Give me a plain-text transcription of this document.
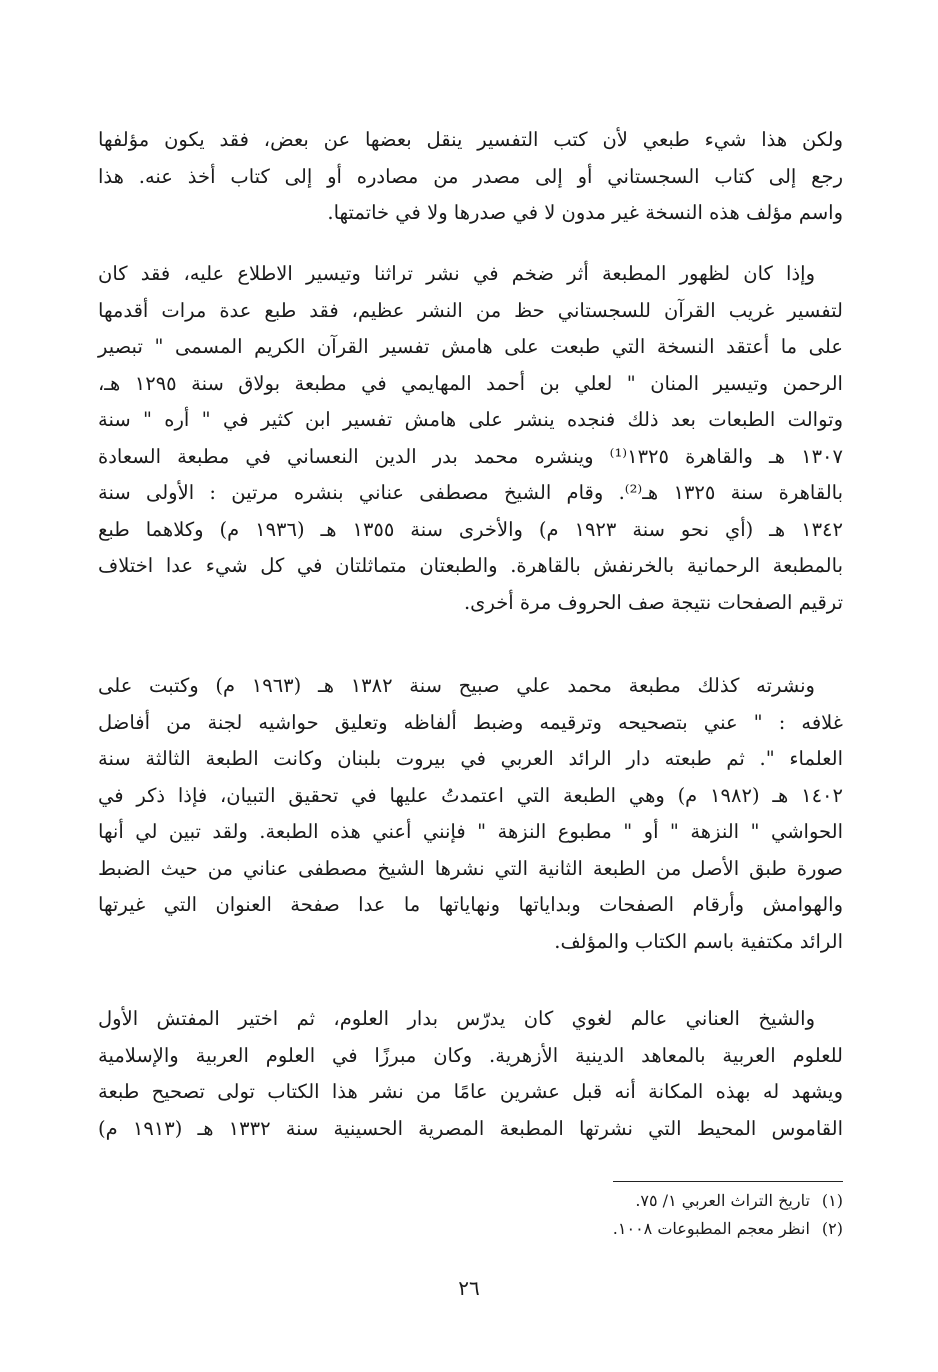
ولكن هذا شيء طبعي لأن كتب التفسير ينقل بعضها عن بعض، فقد يكون مؤلفها
رجع إلى كتاب السجستاني أو إلى مصدر من مصادره أو إلى كتاب أخذ عنه. هذا
واسم مؤلف هذه النسخة غير مدون لا في صدرها ولا في خاتمتها.
وإذا كان لظهور المطبعة أثر ضخم في نشر تراثنا وتيسير الاطلاع عليه، فقد كان
لتفسير غريب القرآن للسجستاني حظ من النشر عظيم، فقد طبع عدة مرات أقدمها
على ما أعتقد النسخة التي طبعت على هامش تفسير القرآن الكريم المسمى " تبصير
الرحمن وتيسير المنان " لعلي بن أحمد المهايمي في مطبعة بولاق سنة ١٢٩٥ هـ،
وتوالت الطبعات بعد ذلك فنجده ينشر على هامش تفسير ابن كثير في " أره " سنة
١٣٠٧ هـ والقاهرة ١٣٢٥⁽¹⁾ وينشره محمد بدر الدين النعساني في مطبعة السعادة
بالقاهرة سنة ١٣٢٥ هـ⁽²⁾. وقام الشيخ مصطفى عناني بنشره مرتين : الأولى سنة
١٣٤٢ هـ (أي نحو سنة ١٩٢٣ م) والأخرى سنة ١٣٥٥ هـ (١٩٣٦ م) وكلاهما طبع
بالمطبعة الرحمانية بالخرنفش بالقاهرة. والطبعتان متماثلتان في كل شيء عدا اختلاف
ترقيم الصفحات نتيجة صف الحروف مرة أخرى.
ونشرته كذلك مطبعة محمد علي صبيح سنة ١٣٨٢ هـ (١٩٦٣ م) وكتبت على
غلافه : " عني بتصحيحه وترقيمه وضبط ألفاظه وتعليق حواشيه لجنة من أفاضل
العلماء ". ثم طبعته دار الرائد العربي في بيروت بلبنان وكانت الطبعة الثالثة سنة
١٤٠٢ هـ (١٩٨٢ م) وهي الطبعة التي اعتمدتُ عليها في تحقيق التبيان، فإذا ذكر في
الحواشي " النزهة " أو " مطبوع النزهة " فإنني أعني هذه الطبعة. ولقد تبين لي أنها
صورة طبق الأصل من الطبعة الثانية التي نشرها الشيخ مصطفى عناني من حيث الضبط
والهوامش وأرقام الصفحات وبداياتها ونهاياتها ما عدا صفحة العنوان التي غيرتها
الرائد مكتفية باسم الكتاب والمؤلف.
والشيخ العناني عالم لغوي كان يدرّس بدار العلوم، ثم اختير المفتش الأول
للعلوم العربية بالمعاهد الدينية الأزهرية. وكان مبرزًا في العلوم العربية والإسلامية
ويشهد له بهذه المكانة أنه قبل عشرين عامًا من نشر هذا الكتاب تولى تصحيح طبعة
القاموس المحيط التي نشرتها المطبعة المصرية الحسينية سنة ١٣٣٢ هـ (١٩١٣ م)
(١)تاريخ التراث العربي ١/ ٧٥.
(٢)انظر معجم المطبوعات ١٠٠٨.
٢٦
